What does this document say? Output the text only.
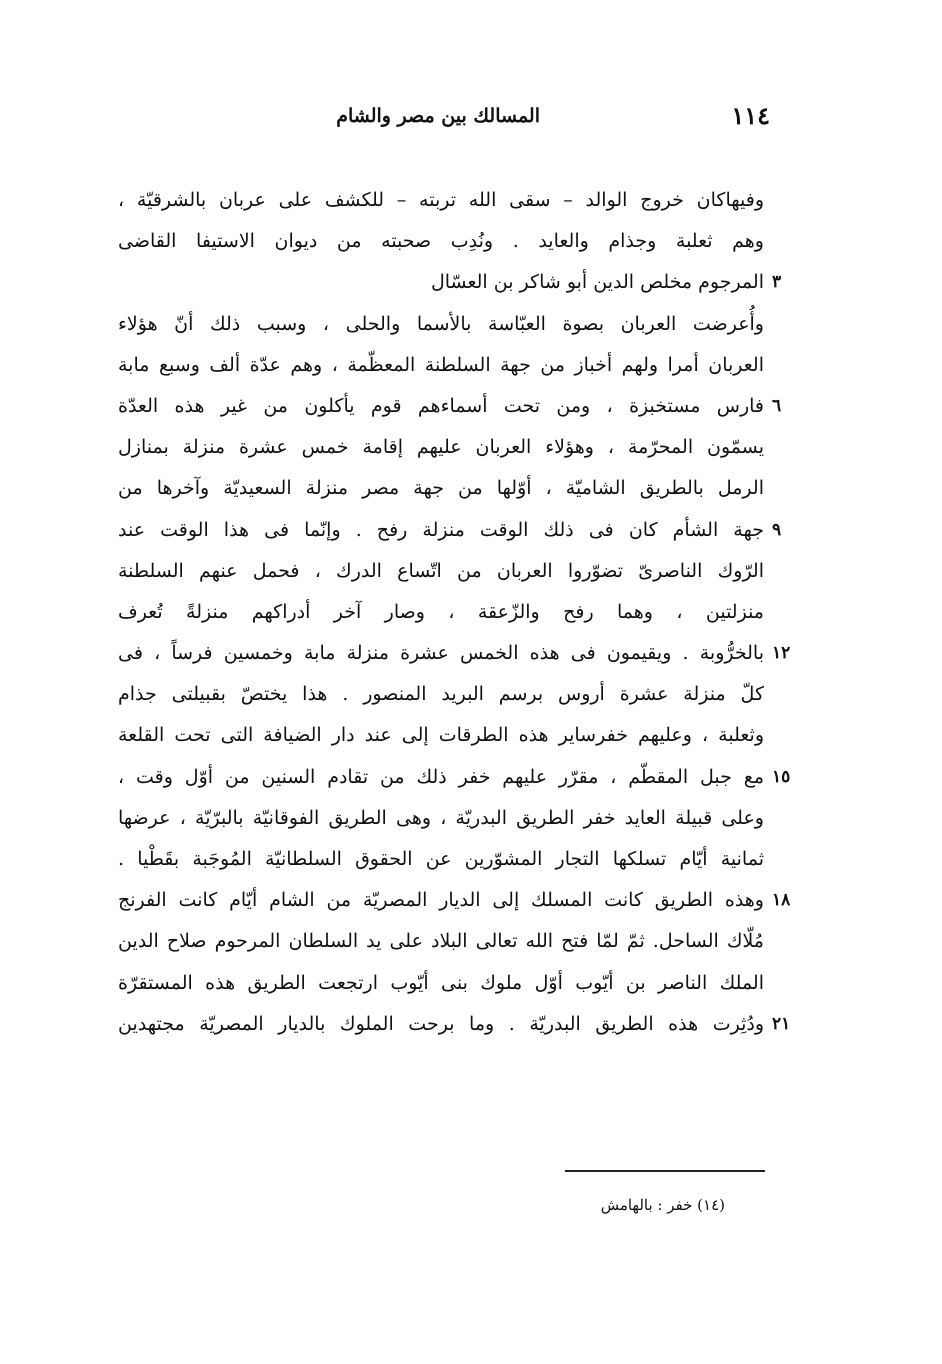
١١٤
المسالك بين مصر والشام
وفيهاكان خروج الوالد – سقى الله تربته – للكشف على عربان بالشرقيّة ،
وهم ثعلبة وجذام والعايد . ونُدِب صحبته من ديوان الاستيفا القاضى
٣
المرجوم مخلص الدين أبو شاكر بن العسّال
وأُعرضت العربان بصوة العبّاسة بالأسما والحلى ، وسبب ذلك أنّ هؤلاء
العربان أمرا ولهم أخباز من جهة السلطنة المعظّمة ، وهم عدّة ألف وسبع مابة
٦
فارس مستخبزة ، ومن تحت أسماءهم قوم يأكلون من غير هذه العدّة
يسمّون المحرّمة ، وهؤلاء العربان عليهم إقامة خمس عشرة منزلة بمنازل
الرمل بالطريق الشاميّة ، أوّلها من جهة مصر منزلة السعيديّة وآخرها من
٩
جهة الشأم كان فى ذلك الوقت منزلة رفح . وإنّما فى هذا الوقت عند
الرّوك الناصرىّ تضوّروا العربان من اتّساع الدرك ، فحمل عنهم السلطنة
منزلتين ، وهما رفح والزّعقة ، وصار آخر أدراكهم منزلةً تُعرف
١٢
بالخرُّوبة . ويقيمون فى هذه الخمس عشرة منزلة مابة وخمسين فرساً ، فى
كلّ منزلة عشرة أروس برسم البريد المنصور . هذا يختصّ بقبيلتى جذام
وثعلبة ، وعليهم خفرساير هذه الطرقات إلى عند دار الضيافة التى تحت القلعة
١٥
مع جبل المقطّم ، مقرّر عليهم خفر ذلك من تقادم السنين من أوّل وقت ،
وعلى قبيلة العايد خفر الطريق البدريّة ، وهى الطريق الفوقانيّة بالبرّيّة ، عرضها
ثمانية أيّام تسلكها التجار المشوّرين عن الحقوق السلطانيّة المُوجَبة بقَطْيا .
١٨
وهذه الطريق كانت المسلك إلى الديار المصريّة من الشام أيّام كانت الفرنج
مُلّاك الساحل. ثمّ لمّا فتح الله تعالى البلاد على يد السلطان المرحوم صلاح الدين
الملك الناصر بن أيّوب أوّل ملوك بنى أيّوب ارتجعت الطريق هذه المستقرّة
٢١
ودُثِرت هذه الطريق البدريّة . وما برحت الملوك بالديار المصريّة مجتهدين
(١٤) خفر : بالهامش
